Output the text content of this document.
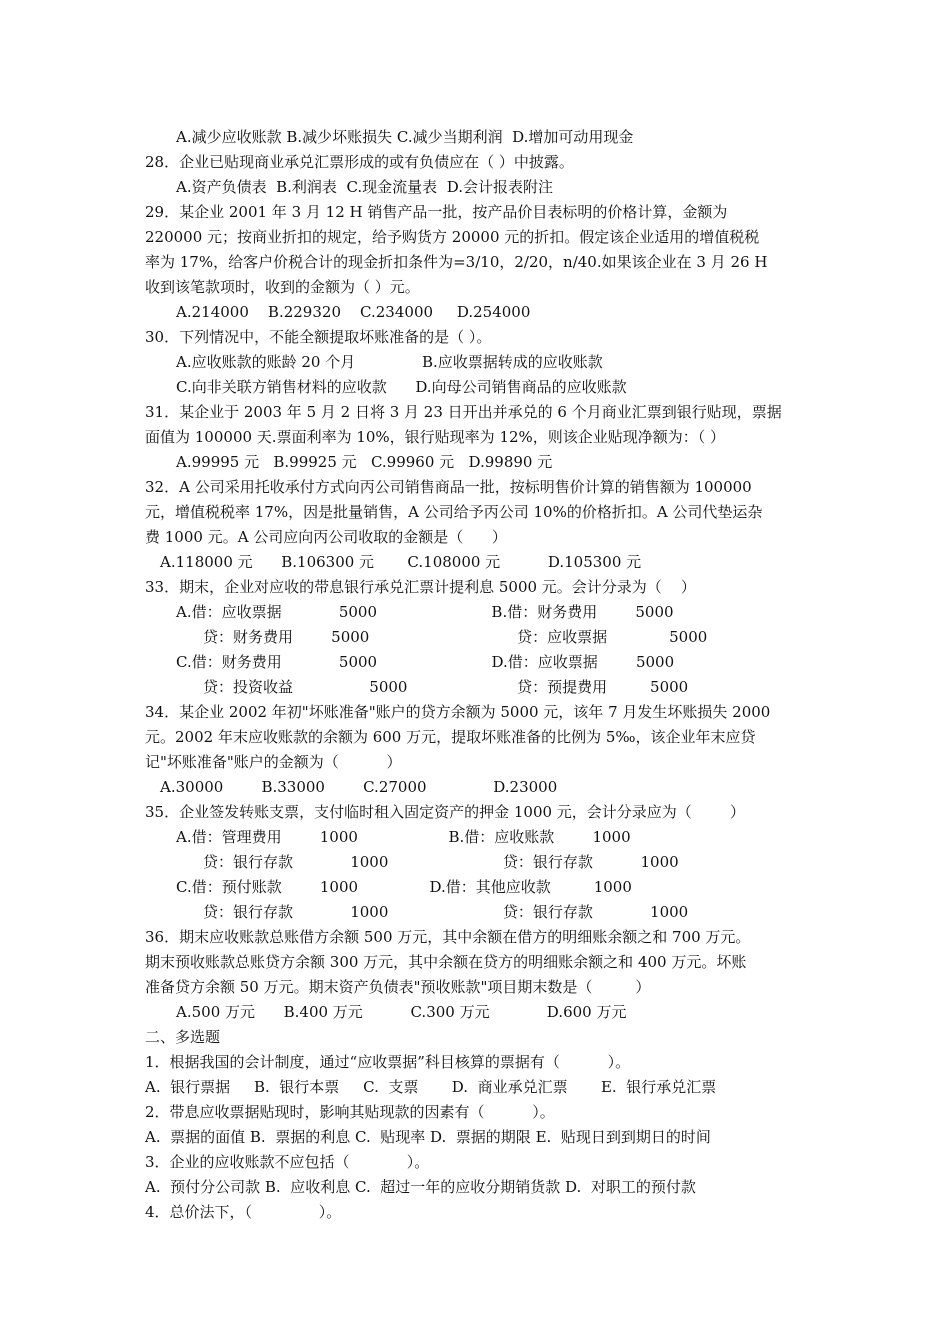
A.减少应收账款 B.减少坏账损失 C.减少当期利润  D.增加可动用现金
28．企业已贴现商业承兑汇票形成的或有负债应在（ ）中披露。
A.资产负债表  B.利润表  C.现金流量表  D.会计报表附注
29．某企业 2001 年 3 月 12 H 销售产品一批，按产品价目表标明的价格计算，金额为
220000 元；按商业折扣的规定，给予购货方 20000 元的折扣。假定该企业适用的增值税税
率为 17%，给客户价税合计的现金折扣条件为=3/10，2/20，n/40.如果该企业在 3 月 26 H
收到该笔款项时，收到的金额为（ ）元。
A.214000    B.229320    C.234000     D.254000
30．下列情况中，不能全额提取坏账准备的是（ ）。
A.应收账款的账龄 20 个月              B.应收票据转成的应收账款
C.向非关联方销售材料的应收款      D.向母公司销售商品的应收账款
31．某企业于 2003 年 5 月 2 日将 3 月 23 日开出并承兑的 6 个月商业汇票到银行贴现，票据
面值为 100000 天.票面利率为 10%，银行贴现率为 12%，则该企业贴现净额为：（ ）
A.99995 元   B.99925 元   C.99960 元   D.99890 元
32．A 公司采用托收承付方式向丙公司销售商品一批，按标明售价计算的销售额为 100000
元，增值税税率 17%，因是批量销售，A 公司给予丙公司 10%的价格折扣。A 公司代垫运杂
费 1000 元。A 公司应向丙公司收取的金额是（      ）
A.118000 元      B.106300 元       C.108000 元          D.105300 元
33．期末，企业对应收的带息银行承兑汇票计提利息 5000 元。会计分录为（    ）
A.借：应收票据            5000                        B.借：财务费用        5000
贷：财务费用        5000                               贷：应收票据             5000
C.借：财务费用            5000                        D.借：应收票据        5000
贷：投资收益                5000                       贷：预提费用         5000
34．某企业 2002 年初"坏账准备"账户的贷方余额为 5000 元，该年 7 月发生坏账损失 2000
元。2002 年末应收账款的余额为 600 万元，提取坏账准备的比例为 5‰，该企业年末应贷
记"坏账准备"账户的金额为（          ）
A.30000        B.33000        C.27000              D.23000
35．企业签发转账支票，支付临时租入固定资产的押金 1000 元，会计分录应为（        ）
A.借：管理费用        1000                   B.借：应收账款        1000
贷：银行存款            1000                        贷：银行存款          1000
C.借：预付账款        1000               D.借：其他应收款         1000
贷：银行存款            1000                        贷：银行存款            1000
36．期末应收账款总账借方余额 500 万元，其中余额在借方的明细账余额之和 700 万元。
期末预收账款总账贷方余额 300 万元，其中余额在贷方的明细账余额之和 400 万元。坏账
准备贷方余额 50 万元。期末资产负债表"预收账款"项目期末数是（         ）
A.500 万元      B.400 万元          C.300 万元            D.600 万元
二、多选题
1．根据我国的会计制度，通过“应收票据”科目核算的票据有（          ）。
A.  银行票据     B.  银行本票     C.  支票       D.  商业承兑汇票       E.  银行承兑汇票
2．带息应收票据贴现时，影响其贴现款的因素有（          ）。
A.  票据的面值 B.  票据的利息 C.  贴现率 D.  票据的期限 E.  贴现日到到期日的时间
3．企业的应收账款不应包括（            ）。
A.  预付分公司款 B.  应收利息 C.  超过一年的应收分期销货款 D.  对职工的预付款
4．总价法下，（              ）。
